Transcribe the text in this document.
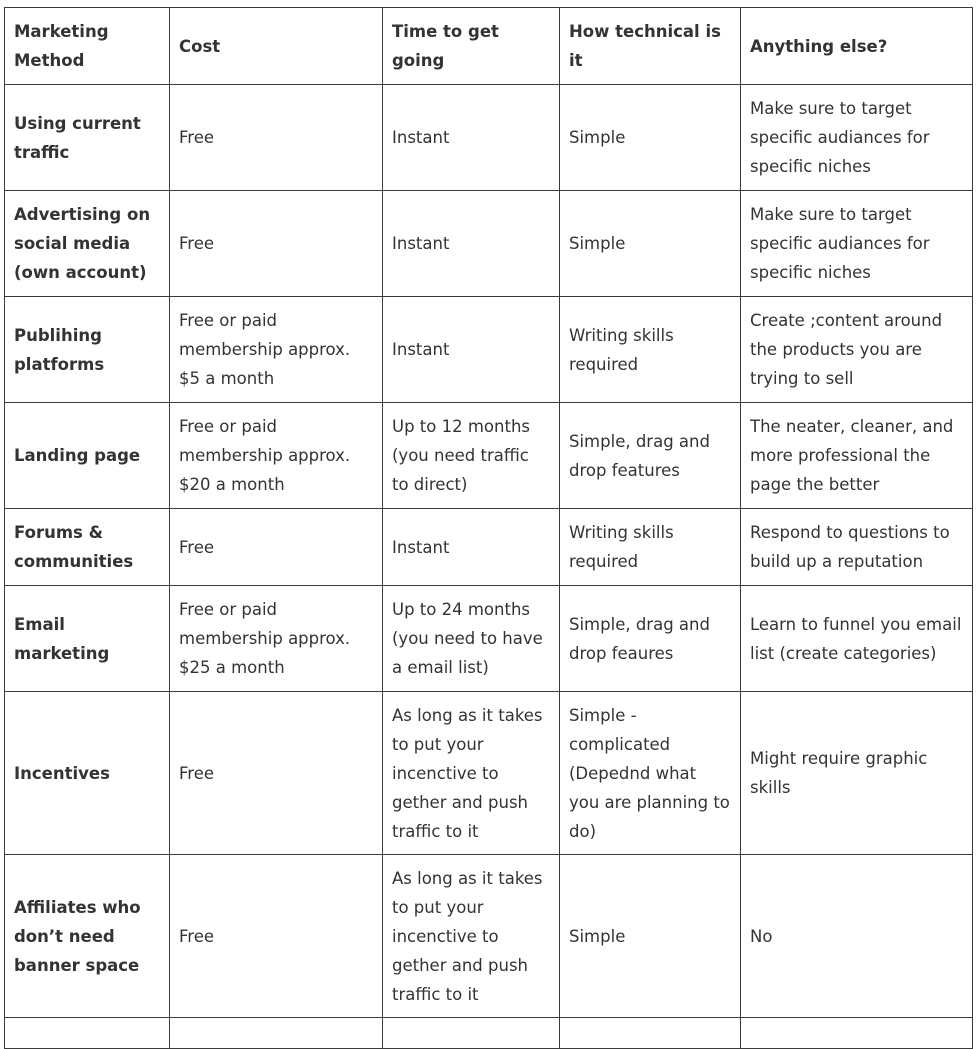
Marketing Method	Cost	Time to get going	How technical is it	Anything else?
Using current traffic	Free	Instant	Simple	Make sure to target specific audiances for specific niches
Advertising on social media (own account)	Free	Instant	Simple	Make sure to target specific audiances for specific niches
Publihing platforms	Free or paid membership approx. $5 a month	Instant	Writing skills required	Create ;content around the products you are trying to sell
Landing page	Free or paid membership approx. $20 a month	Up to 12 months (you need traffic to direct)	Simple, drag and drop features	The neater, cleaner, and more professional the page the better
Forums & communities	Free	Instant	Writing skills required	Respond to questions to build up a reputation
Email marketing	Free or paid membership approx. $25 a month	Up to 24 months (you need to have a email list)	Simple, drag and drop feaures	Learn to funnel you email list (create categories)
Incentives	Free	As long as it takes to put your incenctive to gether and push traffic to it	Simple - complicated (Depednd what you are planning to do)	Might require graphic skills
Affiliates who don’t need banner space	Free	As long as it takes to put your incenctive to gether and push traffic to it	Simple	No
